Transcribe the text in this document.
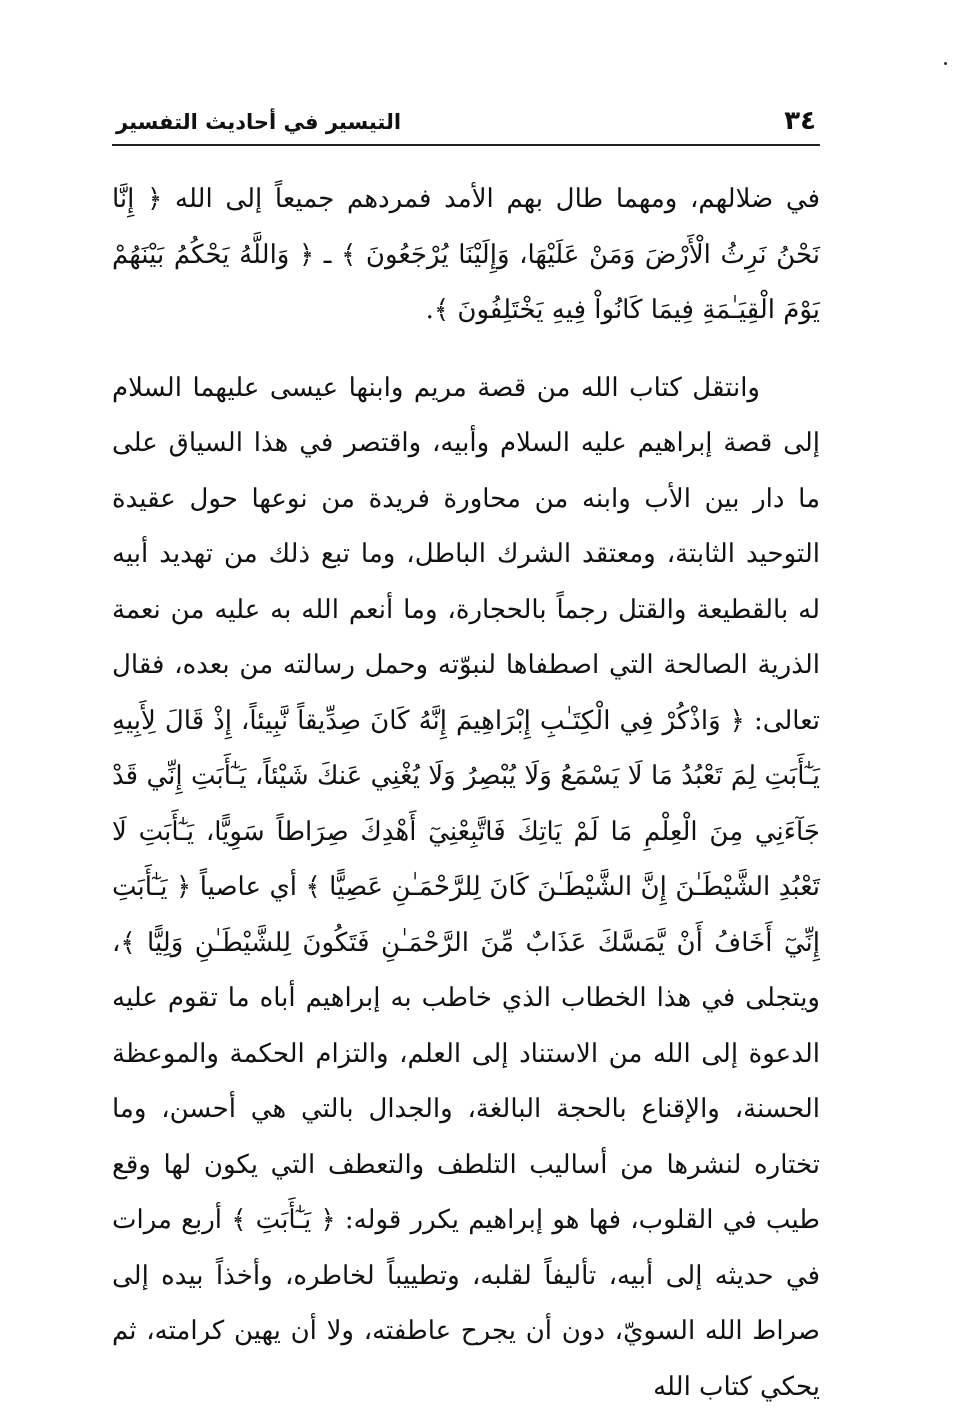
٣٤
التيسير في أحاديث التفسير

في ضلالهم، ومهما طال بهم الأمد فمردهم جميعاً إلى الله ﴿ إِنَّا نَحْنُ نَرِثُ الْأَرْضَ وَمَنْ عَلَيْهَا، وَإِلَيْنَا يُرْجَعُونَ ﴾ ـ ﴿ وَاللَّهُ يَحْكُمُ بَيْنَهُمْ يَوْمَ الْقِيَـٰمَةِ فِيمَا كَانُواْ فِيهِ يَخْتَلِفُونَ ﴾.

وانتقل كتاب الله من قصة مريم وابنها عيسى عليهما السلام إلى قصة إبراهيم عليه السلام وأبيه، واقتصر في هذا السياق على ما دار بين الأب وابنه من محاورة فريدة من نوعها حول عقيدة التوحيد الثابتة، ومعتقد الشرك الباطل، وما تبع ذلك من تهديد أبيه له بالقطيعة والقتل رجماً بالحجارة، وما أنعم الله به عليه من نعمة الذرية الصالحة التي اصطفاها لنبوّته وحمل رسالته من بعده، فقال تعالى: ﴿ وَاذْكُرْ فِي الْكِتَـٰبِ إِبْرَاهِيمَ إِنَّهُ كَانَ صِدِّيقاً نَّبِيئاً، إِذْ قَالَ لِأَبِيهِ يَـٰٓأَبَتِ لِمَ تَعْبُدُ مَا لَا يَسْمَعُ وَلَا يُبْصِرُ وَلَا يُغْنِي عَنكَ شَيْئاً، يَـٰٓأَبَتِ إِنِّي قَدْ جَآءَنِي مِنَ الْعِلْمِ مَا لَمْ يَاتِكَ فَاتَّبِعْنِيٓ أَهْدِكَ صِرَاطاً سَوِيًّا، يَـٰٓأَبَتِ لَا تَعْبُدِ الشَّيْطَـٰنَ إِنَّ الشَّيْطَـٰنَ كَانَ لِلرَّحْمَـٰنِ عَصِيًّا ﴾ أي عاصياً ﴿ يَـٰٓأَبَتِ إِنِّيٓ أَخَافُ أَنْ يَّمَسَّكَ عَذَابٌ مِّنَ الرَّحْمَـٰنِ فَتَكُونَ لِلشَّيْطَـٰنِ وَلِيًّا ﴾، ويتجلى في هذا الخطاب الذي خاطب به إبراهيم أباه ما تقوم عليه الدعوة إلى الله من الاستناد إلى العلم، والتزام الحكمة والموعظة الحسنة، والإقناع بالحجة البالغة، والجدال بالتي هي أحسن، وما تختاره لنشرها من أساليب التلطف والتعطف التي يكون لها وقع طيب في القلوب، فها هو إبراهيم يكرر قوله: ﴿ يَـٰٓأَبَتِ ﴾ أربع مرات في حديثه إلى أبيه، تأليفاً لقلبه، وتطييباً لخاطره، وأخذاً بيده إلى صراط الله السويّ، دون أن يجرح عاطفته، ولا أن يهين كرامته، ثم يحكي كتاب الله
